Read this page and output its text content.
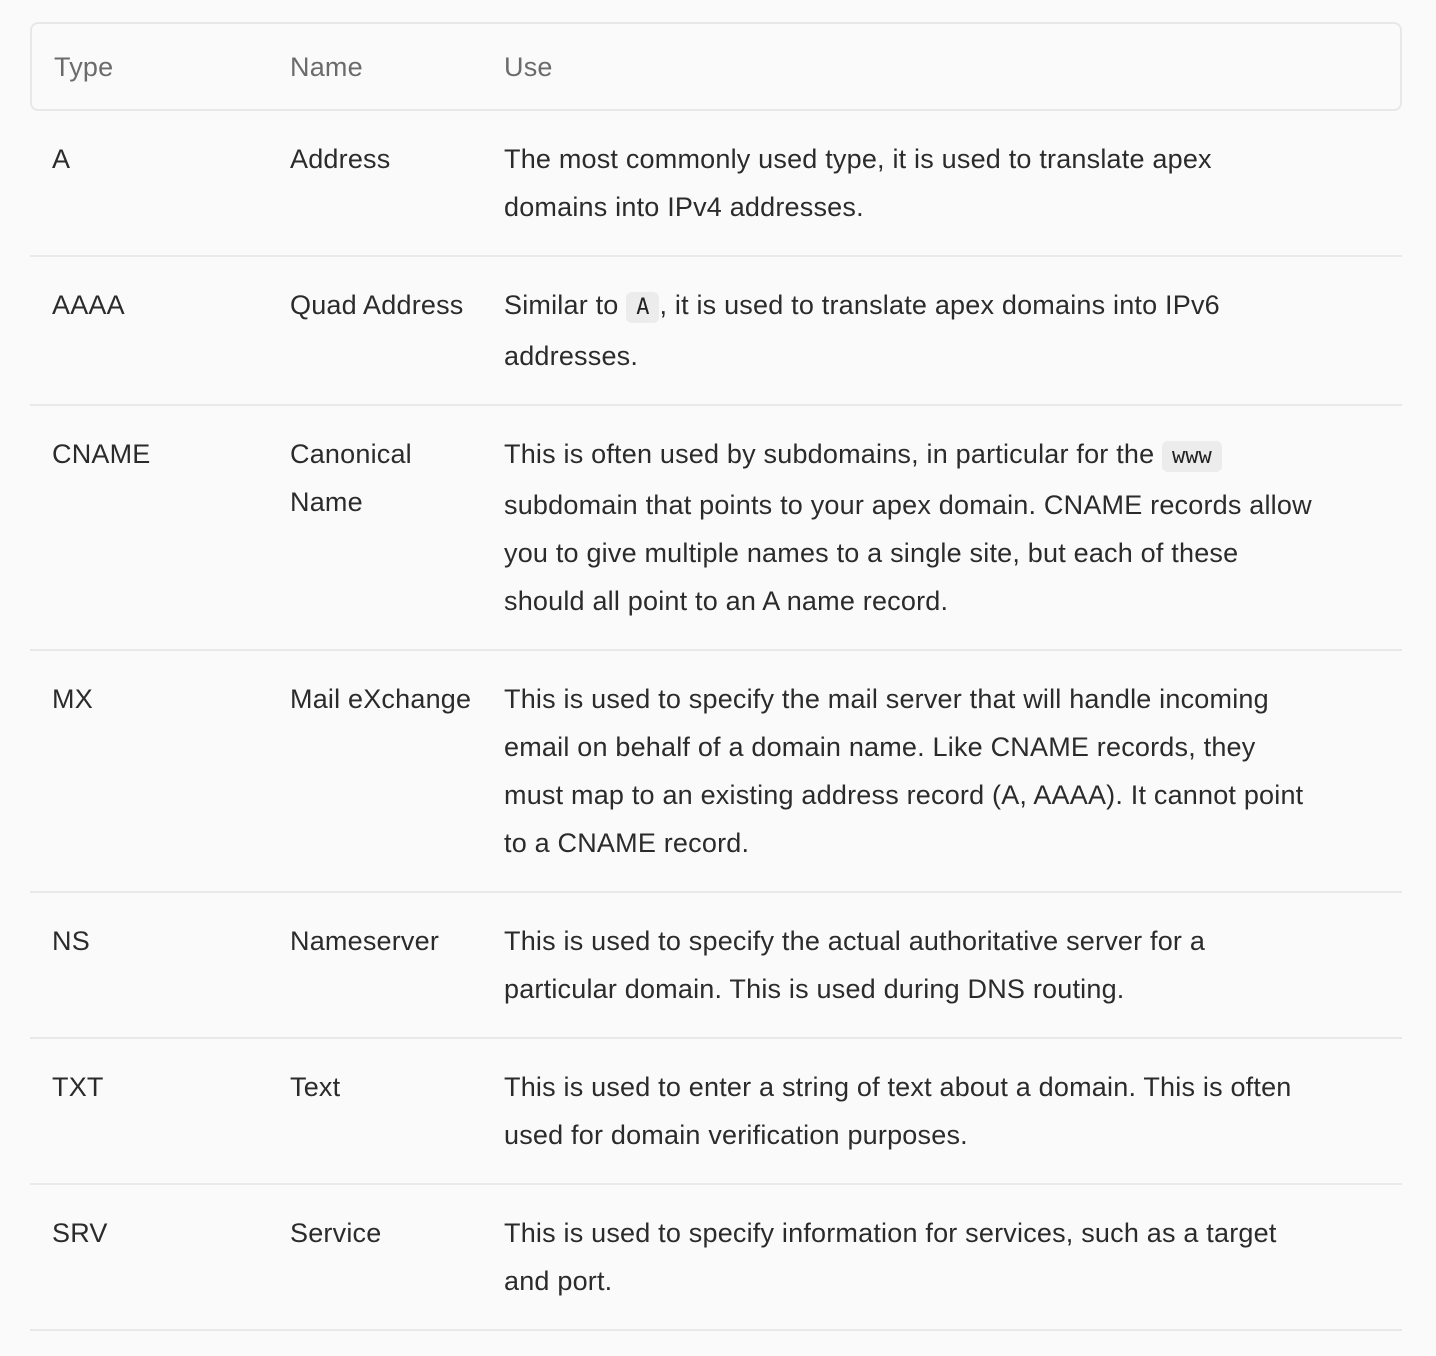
Type	Name	Use
A	Address	The most commonly used type, it is used to translate apex domains into IPv4 addresses.
AAAA	Quad Address	Similar to A , it is used to translate apex domains into IPv6 addresses.
CNAME	Canonical Name	This is often used by subdomains, in particular for the www subdomain that points to your apex domain. CNAME records allow you to give multiple names to a single site, but each of these should all point to an A name record.
MX	Mail eXchange	This is used to specify the mail server that will handle incoming email on behalf of a domain name. Like CNAME records, they must map to an existing address record (A, AAAA). It cannot point to a CNAME record.
NS	Nameserver	This is used to specify the actual authoritative server for a particular domain. This is used during DNS routing.
TXT	Text	This is used to enter a string of text about a domain. This is often used for domain verification purposes.
SRV	Service	This is used to specify information for services, such as a target and port.
